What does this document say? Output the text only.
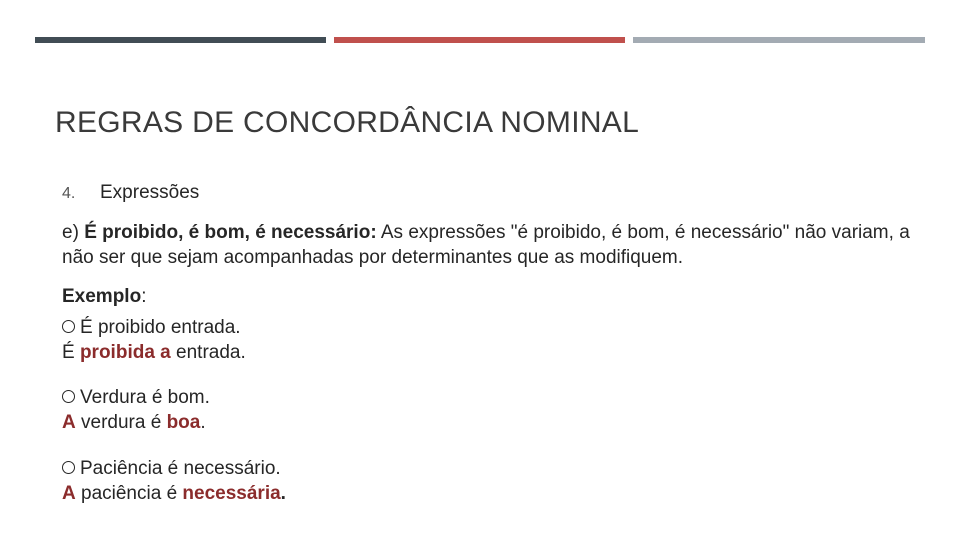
REGRAS DE CONCORDÂNCIA NOMINAL
4. Expressões
e) É proibido, é bom, é necessário: As expressões "é proibido, é bom, é necessário" não variam, a não ser que sejam acompanhadas por determinantes que as modifiquem.
Exemplo:
É proibido entrada.
É proibida a entrada.
Verdura é bom.
A verdura é boa.
Paciência é necessário.
A paciência é necessária.
